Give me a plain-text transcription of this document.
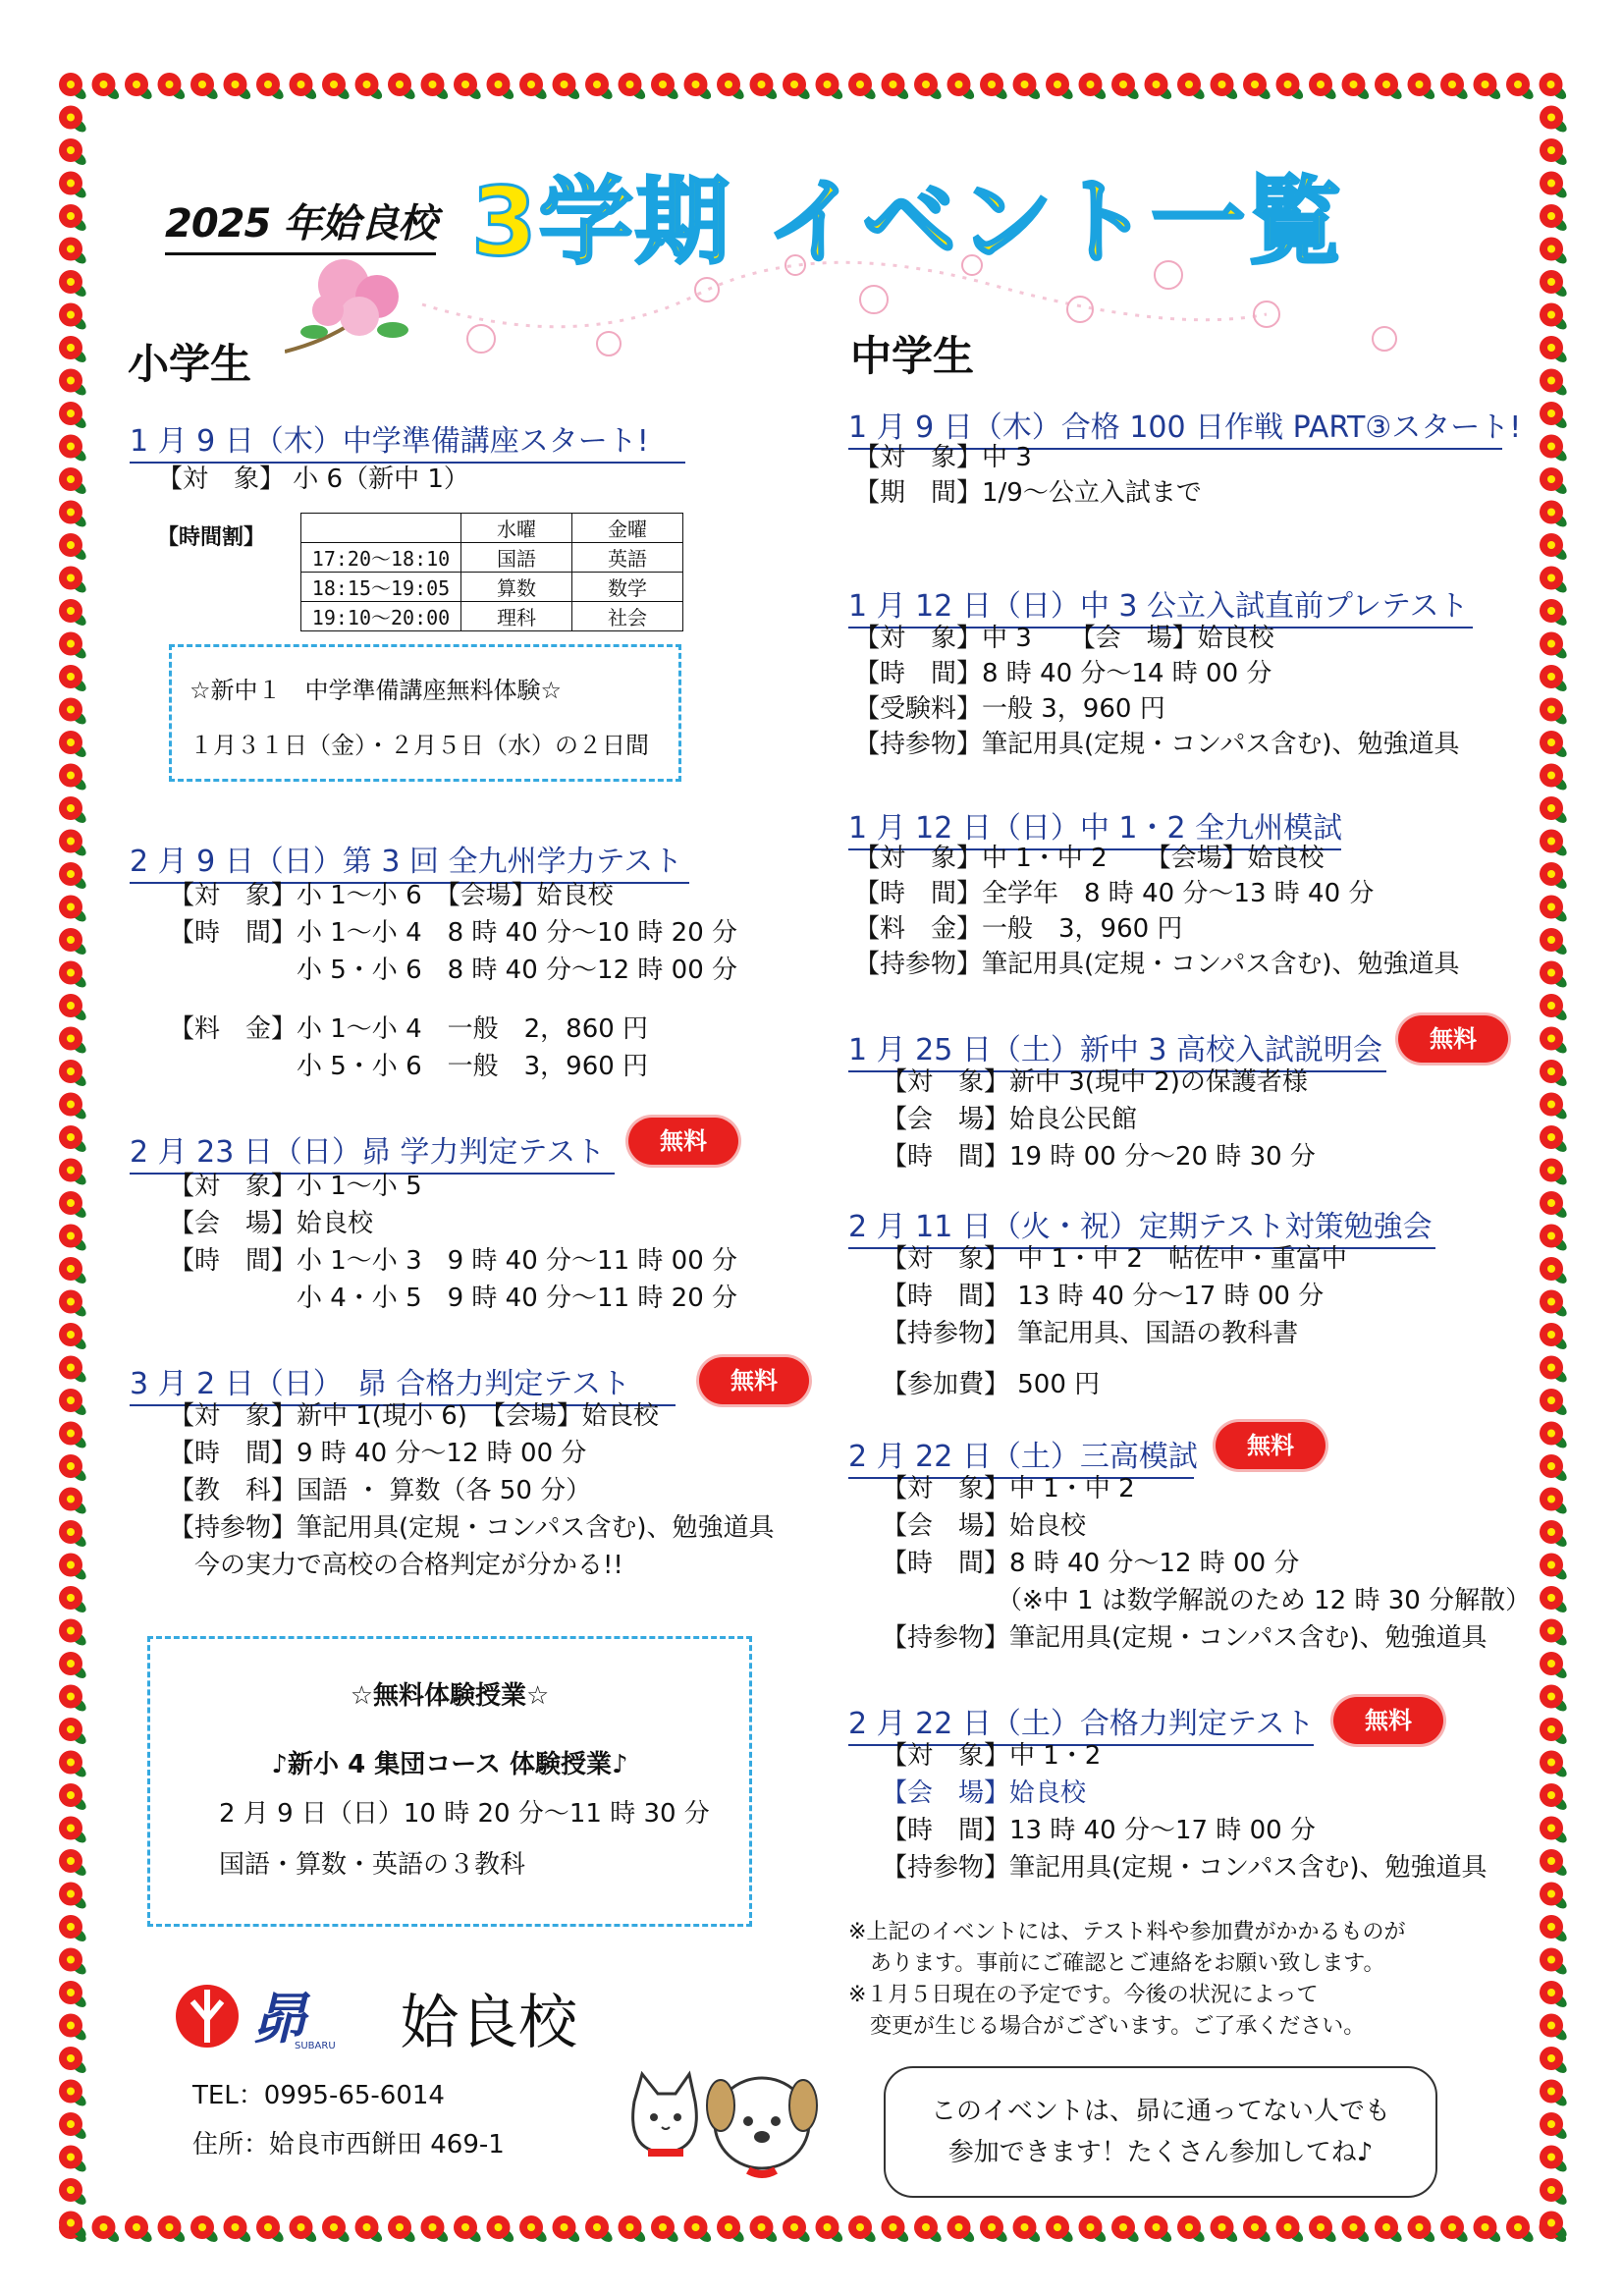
2025 年姶良校 3学期 イベント一覧
小学生	中学生
1 月 9 日（木）中学準備講座スタート!
【対　象】 小 6（新中 1）
【時間割】
		水曜	金曜
17:20〜18:10	国語	英語
18:15〜19:05	算数	数学
19:10〜20:00	理科	社会
☆新中１　中学準備講座無料体験☆
１月３１日（金）・２月５日（水）の２日間
2 月 9 日（日）第 3 回 全九州学力テスト
【対　象】小 1〜小 6　【会場】姶良校
【時　間】小 1〜小 4　8 時 40 分〜10 時 20 分
　　　　　小 5・小 6　8 時 40 分〜12 時 00 分
【料　金】小 1〜小 4　一般　2，860 円
　　　　　小 5・小 6　一般　3，960 円
2 月 23 日（日）昴 学力判定テスト	無料
【対　象】小 1〜小 5
【会　場】姶良校
【時　間】小 1〜小 3　9 時 40 分〜11 時 00 分
　　　　　小 4・小 5　9 時 40 分〜11 時 20 分
3 月 2 日（日）　昴 合格力判定テスト	無料
【対　象】新中 1(現小 6)　【会場】姶良校
【時　間】9 時 40 分〜12 時 00 分
【教　科】国語 ・ 算数（各 50 分）
【持参物】筆記用具(定規・コンパス含む)、勉強道具
　今の実力で高校の合格判定が分かる!!
☆無料体験授業☆
♪新小 4 集団コース 体験授業♪
2 月 9 日（日）10 時 20 分〜11 時 30 分
国語・算数・英語の３教科
昴
SUBARU 姶良校
TEL：0995-65-6014
住所：姶良市西餅田 469-1
1 月 9 日（木）合格 100 日作戦 PART③スタート!
【対　象】中 3
【期　間】1/9〜公立入試まで
1 月 12 日（日）中 3 公立入試直前プレテスト
【対　象】中 3　　【会　場】姶良校
【時　間】8 時 40 分〜14 時 00 分
【受験料】一般 3，960 円
【持参物】筆記用具(定規・コンパス含む)、勉強道具
1 月 12 日（日）中 1・2 全九州模試
【対　象】中 1・中 2　　【会場】姶良校
【時　間】全学年　8 時 40 分〜13 時 40 分
【料　金】一般　3，960 円
【持参物】筆記用具(定規・コンパス含む)、勉強道具
1 月 25 日（土）新中 3 高校入試説明会	無料
【対　象】新中 3(現中 2)の保護者様
【会　場】姶良公民館
【時　間】19 時 00 分〜20 時 30 分
2 月 11 日（火・祝）定期テスト対策勉強会
【対　象】 中 1・中 2　帖佐中・重富中
【時　間】 13 時 40 分〜17 時 00 分
【持参物】 筆記用具、国語の教科書
【参加費】 500 円
2 月 22 日（土）三高模試	無料
【対　象】中 1・中 2
【会　場】姶良校
【時　間】8 時 40 分〜12 時 00 分
　　　　　（※中 1 は数学解説のため 12 時 30 分解散）
【持参物】筆記用具(定規・コンパス含む)、勉強道具
2 月 22 日（土）合格力判定テスト	無料
【対　象】中 1・2
【会　場】姶良校
【時　間】13 時 40 分〜17 時 00 分
【持参物】筆記用具(定規・コンパス含む)、勉強道具
※上記のイベントには、テスト料や参加費がかかるものが
　あります。事前にご確認とご連絡をお願い致します。
※１月５日現在の予定です。今後の状況によって
　変更が生じる場合がございます。ご了承ください。
このイベントは、昴に通ってない人でも
参加できます！たくさん参加してね♪
